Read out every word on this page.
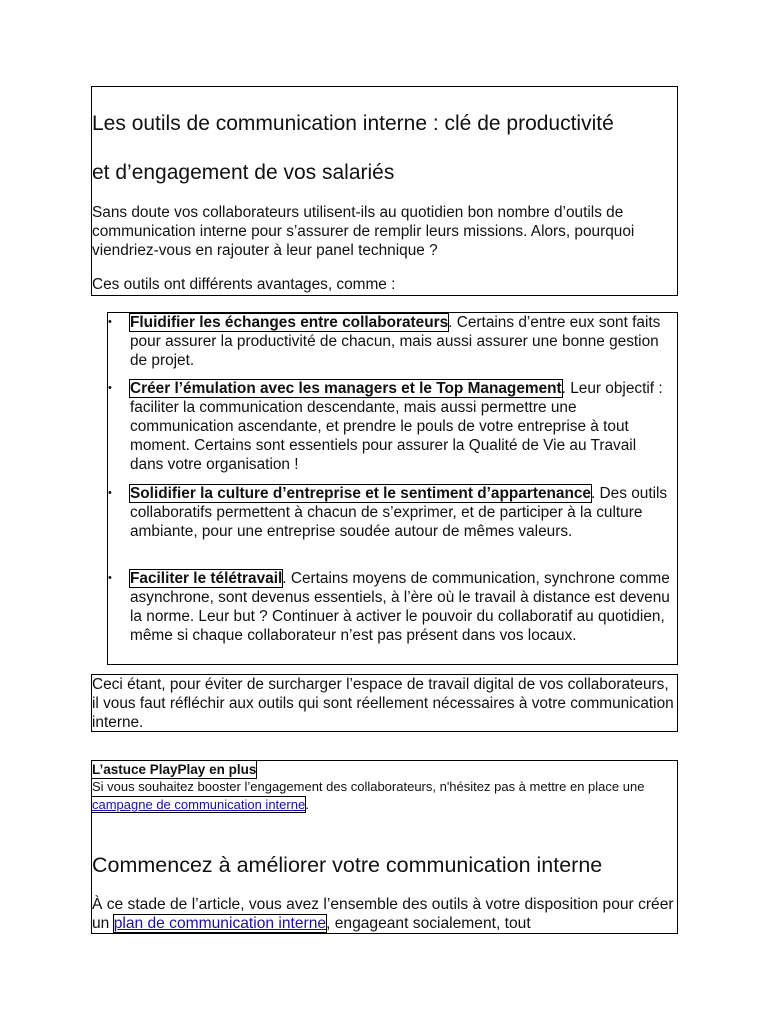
Les outils de communication interne : clé de productivité
et d’engagement de vos salariés

Sans doute vos collaborateurs utilisent-ils au quotidien bon nombre d’outils de communication interne pour s’assurer de remplir leurs missions. Alors, pourquoi viendriez-vous en rajouter à leur panel technique ?

Ces outils ont différents avantages, comme :

• Fluidifier les échanges entre collaborateurs. Certains d’entre eux sont faits pour assurer la productivité de chacun, mais aussi assurer une bonne gestion de projet.
• Créer l’émulation avec les managers et le Top Management. Leur objectif : faciliter la communication descendante, mais aussi permettre une communication ascendante, et prendre le pouls de votre entreprise à tout moment. Certains sont essentiels pour assurer la Qualité de Vie au Travail dans votre organisation !
• Solidifier la culture d’entreprise et le sentiment d’appartenance. Des outils collaboratifs permettent à chacun de s’exprimer, et de participer à la culture ambiante, pour une entreprise soudée autour de mêmes valeurs.
• Faciliter le télétravail. Certains moyens de communication, synchrone comme asynchrone, sont devenus essentiels, à l’ère où le travail à distance est devenu la norme. Leur but ? Continuer à activer le pouvoir du collaboratif au quotidien, même si chaque collaborateur n’est pas présent dans vos locaux.

Ceci étant, pour éviter de surcharger l’espace de travail digital de vos collaborateurs, il vous faut réfléchir aux outils qui sont réellement nécessaires à votre communication interne.

L’astuce PlayPlay en plus

Si vous souhaitez booster l’engagement des collaborateurs, n'hésitez pas à mettre en place une campagne de communication interne.

Commencez à améliorer votre communication interne

À ce stade de l’article, vous avez l’ensemble des outils à votre disposition pour créer un plan de communication interne, engageant socialement, tout
